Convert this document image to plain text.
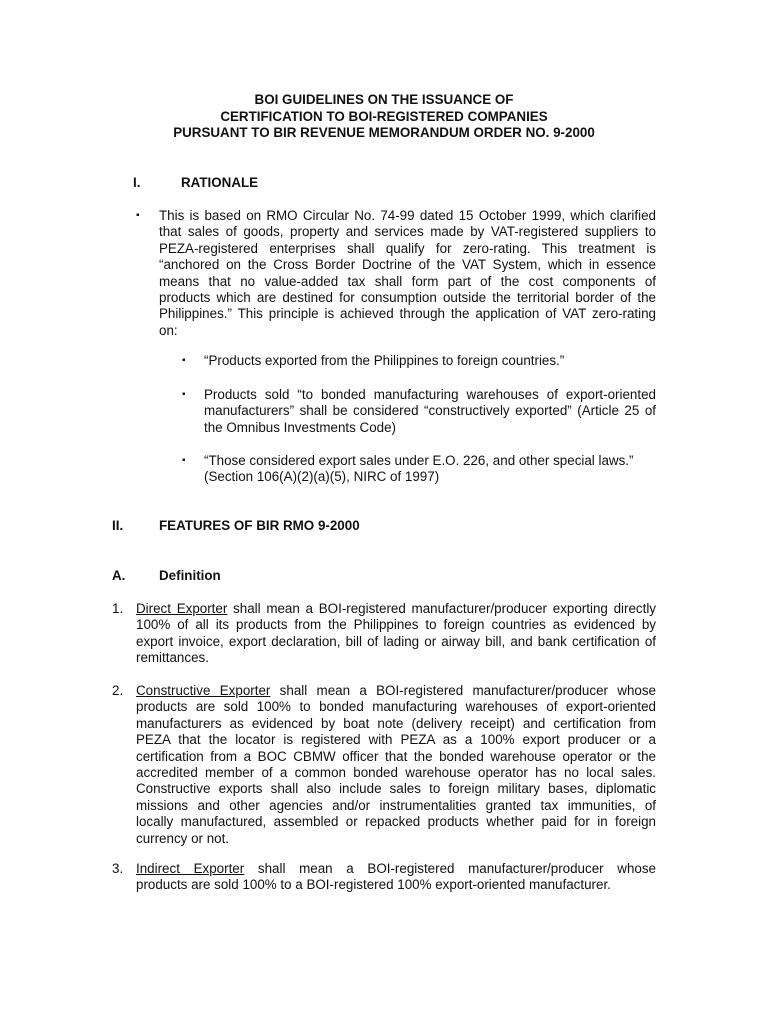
BOI GUIDELINES ON THE ISSUANCE OF
CERTIFICATION TO BOI-REGISTERED COMPANIES
PURSUANT TO BIR REVENUE MEMORANDUM ORDER NO. 9-2000
I.	RATIONALE
▪ This is based on RMO Circular No. 74-99 dated 15 October 1999, which clarified
that sales of goods, property and services made by VAT-registered suppliers to
PEZA-registered enterprises shall qualify for zero-rating. This treatment is
“anchored on the Cross Border Doctrine of the VAT System, which in essence
means that no value-added tax shall form part of the cost components of
products which are destined for consumption outside the territorial border of the
Philippines.” This principle is achieved through the application of VAT zero-rating
on:
▪ “Products exported from the Philippines to foreign countries.”
▪ Products sold “to bonded manufacturing warehouses of export-oriented
manufacturers” shall be considered “constructively exported” (Article 25 of
the Omnibus Investments Code)
▪ “Those considered export sales under E.O. 226, and other special laws.”
(Section 106(A)(2)(a)(5), NIRC of 1997)
II.	FEATURES OF BIR RMO 9-2000
A.	Definition
1. Direct Exporter shall mean a BOI-registered manufacturer/producer exporting directly
100% of all its products from the Philippines to foreign countries as evidenced by
export invoice, export declaration, bill of lading or airway bill, and bank certification of
remittances.
2. Constructive Exporter shall mean a BOI-registered manufacturer/producer whose
products are sold 100% to bonded manufacturing warehouses of export-oriented
manufacturers as evidenced by boat note (delivery receipt) and certification from
PEZA that the locator is registered with PEZA as a 100% export producer or a
certification from a BOC CBMW officer that the bonded warehouse operator or the
accredited member of a common bonded warehouse operator has no local sales.
Constructive exports shall also include sales to foreign military bases, diplomatic
missions and other agencies and/or instrumentalities granted tax immunities, of
locally manufactured, assembled or repacked products whether paid for in foreign
currency or not.
3. Indirect Exporter shall mean a BOI-registered manufacturer/producer whose
products are sold 100% to a BOI-registered 100% export-oriented manufacturer.
